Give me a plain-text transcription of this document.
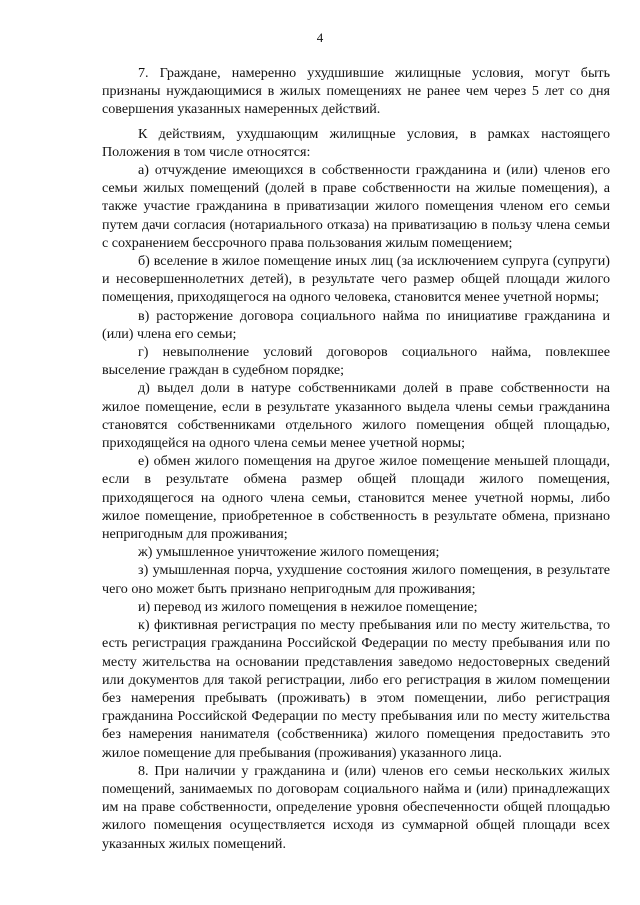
4

7. Граждане, намеренно ухудшившие жилищные условия, могут быть признаны нуждающимися в жилых помещениях не ранее чем через 5 лет со дня совершения указанных намеренных действий.

К действиям, ухудшающим жилищные условия, в рамках настоящего Положения в том числе относятся:

а) отчуждение имеющихся в собственности гражданина и (или) членов его семьи жилых помещений (долей в праве собственности на жилые помещения), а также участие гражданина в приватизации жилого помещения членом его семьи путем дачи согласия (нотариального отказа) на приватизацию в пользу члена семьи с сохранением бессрочного права пользования жилым помещением;

б) вселение в жилое помещение иных лиц (за исключением супруга (супруги) и несовершеннолетних детей), в результате чего размер общей площади жилого помещения, приходящегося на одного человека, становится менее учетной нормы;

в) расторжение договора социального найма по инициативе гражданина и (или) члена его семьи;

г) невыполнение условий договоров социального найма, повлекшее выселение граждан в судебном порядке;

д) выдел доли в натуре собственниками долей в праве собственности на жилое помещение, если в результате указанного выдела члены семьи гражданина становятся собственниками отдельного жилого помещения общей площадью, приходящейся на одного члена семьи менее учетной нормы;

е) обмен жилого помещения на другое жилое помещение меньшей площади, если в результате обмена размер общей площади жилого помещения, приходящегося на одного члена семьи, становится менее учетной нормы, либо жилое помещение, приобретенное в собственность в результате обмена, признано непригодным для проживания;

ж) умышленное уничтожение жилого помещения;

з) умышленная порча, ухудшение состояния жилого помещения, в результате чего оно может быть признано непригодным для проживания;

и) перевод из жилого помещения в нежилое помещение;

к) фиктивная регистрация по месту пребывания или по месту жительства, то есть регистрация гражданина Российской Федерации по месту пребывания или по месту жительства на основании представления заведомо недостоверных сведений или документов для такой регистрации, либо его регистрация в жилом помещении без намерения пребывать (проживать) в этом помещении, либо регистрация гражданина Российской Федерации по месту пребывания или по месту жительства без намерения нанимателя (собственника) жилого помещения предоставить это жилое помещение для пребывания (проживания) указанного лица.

8. При наличии у гражданина и (или) членов его семьи нескольких жилых помещений, занимаемых по договорам социального найма и (или) принадлежащих им на праве собственности, определение уровня обеспеченности общей площадью жилого помещения осуществляется исходя из суммарной общей площади всех указанных жилых помещений.
